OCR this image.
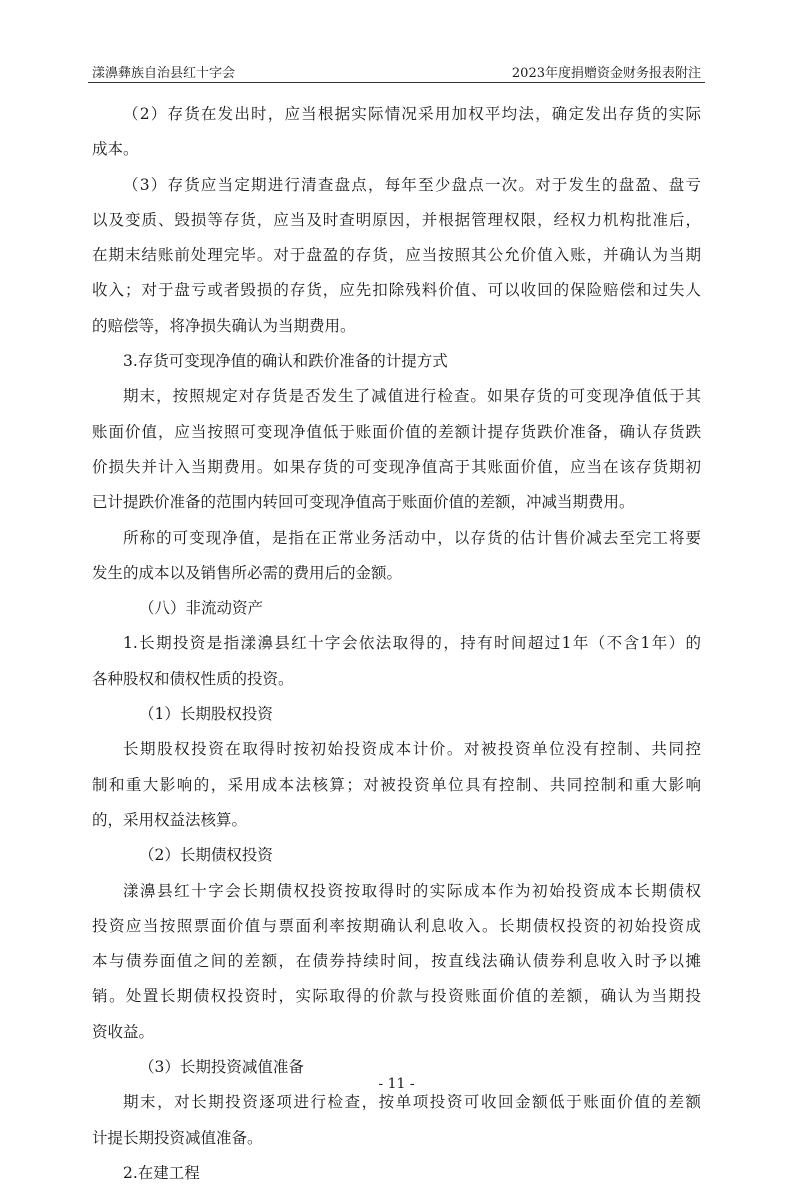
漾濞彝族自治县红十字会	2023年度捐赠资金财务报表附注
（2）存货在发出时，应当根据实际情况采用加权平均法，确定发出存货的实际
成本。
（3）存货应当定期进行清查盘点，每年至少盘点一次。对于发生的盘盈、盘亏
以及变质、毁损等存货，应当及时查明原因，并根据管理权限，经权力机构批准后，
在期末结账前处理完毕。对于盘盈的存货，应当按照其公允价值入账，并确认为当期
收入；对于盘亏或者毁损的存货，应先扣除残料价值、可以收回的保险赔偿和过失人
的赔偿等，将净损失确认为当期费用。
3.存货可变现净值的确认和跌价准备的计提方式
期末，按照规定对存货是否发生了减值进行检查。如果存货的可变现净值低于其
账面价值，应当按照可变现净值低于账面价值的差额计提存货跌价准备，确认存货跌
价损失并计入当期费用。如果存货的可变现净值高于其账面价值，应当在该存货期初
已计提跌价准备的范围内转回可变现净值高于账面价值的差额，冲减当期费用。
所称的可变现净值，是指在正常业务活动中，以存货的估计售价减去至完工将要
发生的成本以及销售所必需的费用后的金额。
（八）非流动资产
1.长期投资是指漾濞县红十字会依法取得的，持有时间超过1年（不含1年）的
各种股权和债权性质的投资。
（1）长期股权投资
长期股权投资在取得时按初始投资成本计价。对被投资单位没有控制、共同控
制和重大影响的，采用成本法核算；对被投资单位具有控制、共同控制和重大影响
的，采用权益法核算。
（2）长期债权投资
漾濞县红十字会长期债权投资按取得时的实际成本作为初始投资成本长期债权
投资应当按照票面价值与票面利率按期确认利息收入。长期债权投资的初始投资成
本与债券面值之间的差额，在债券持续时间，按直线法确认债券利息收入时予以摊
销。处置长期债权投资时，实际取得的价款与投资账面价值的差额，确认为当期投
资收益。
（3）长期投资减值准备
期末，对长期投资逐项进行检查，按单项投资可收回金额低于账面价值的差额
计提长期投资减值准备。
2.在建工程
- 11 -
